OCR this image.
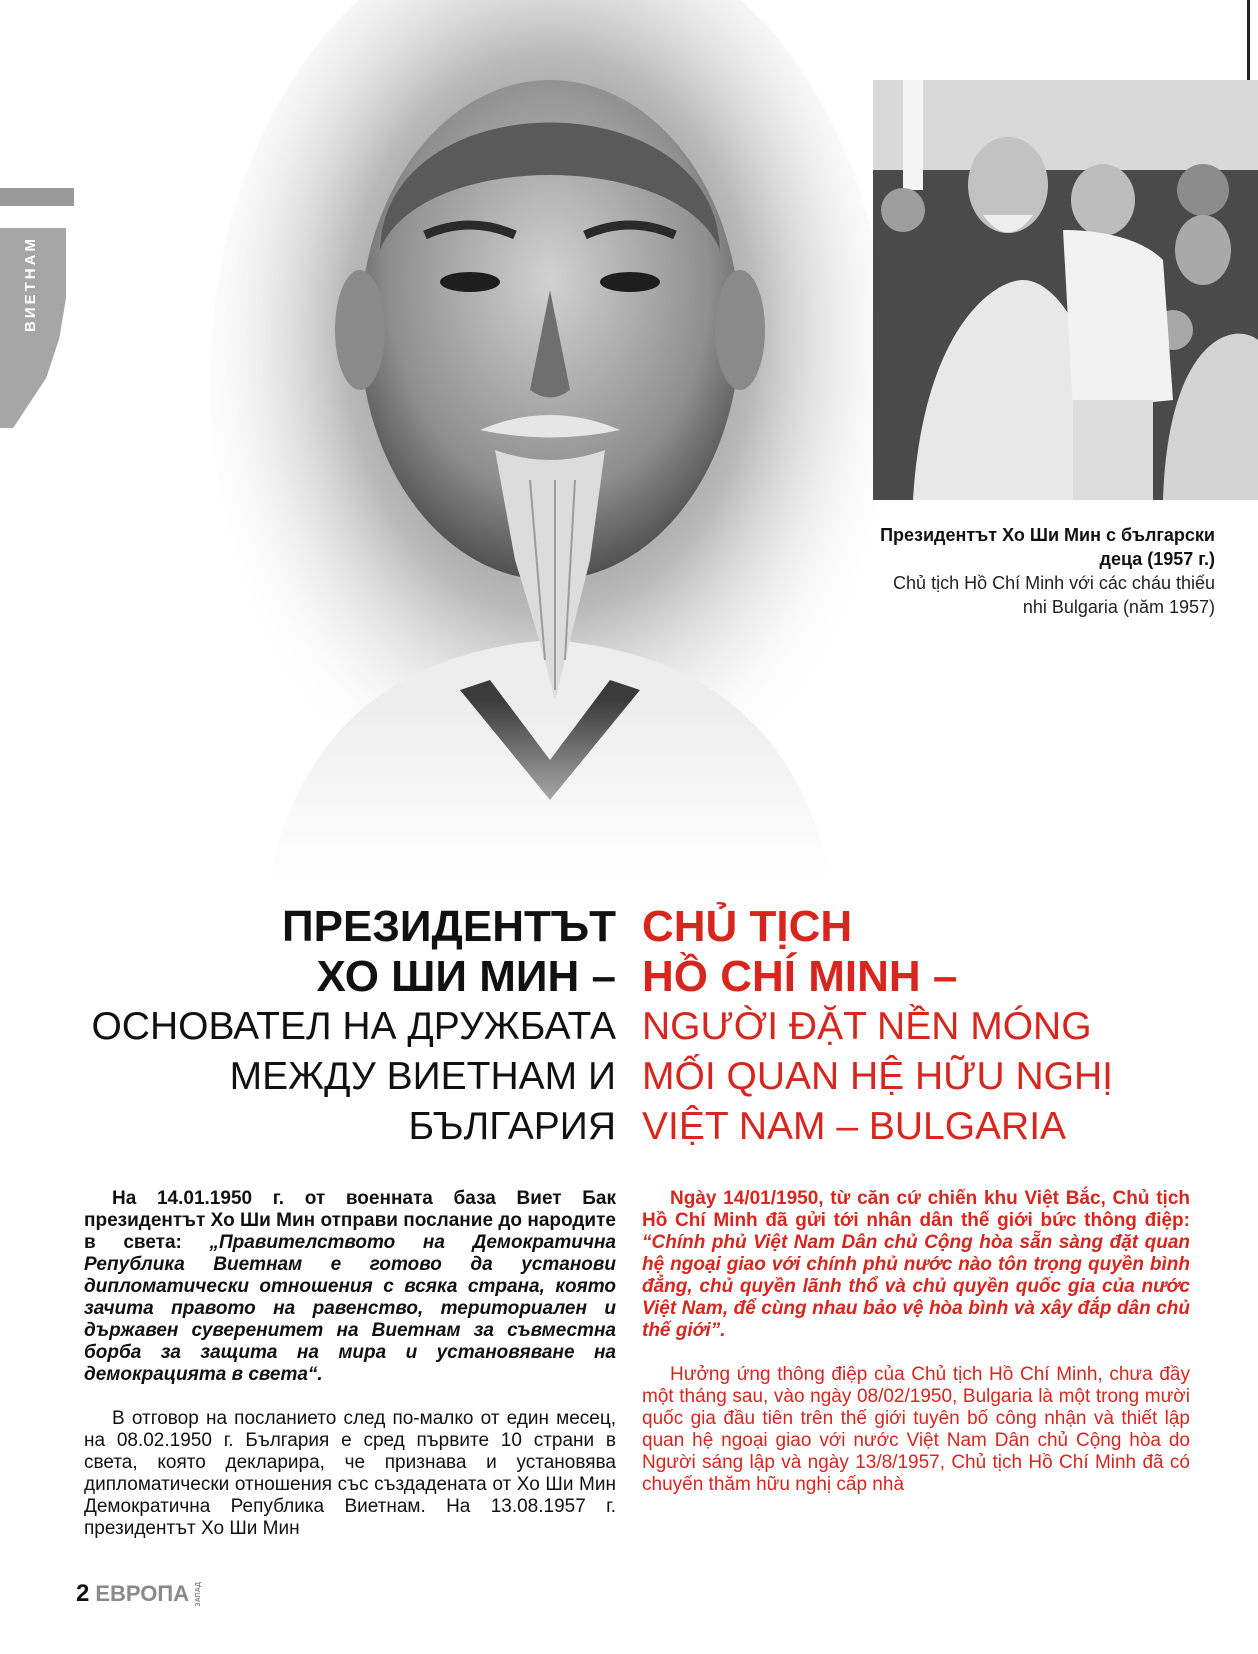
ВИЕТНАМ
Президентът Хо Ши Мин с български деца (1957 г.)
Chủ tịch Hồ Chí Minh với các cháu thiếu nhi Bulgaria (năm 1957)
ПРЕЗИДЕНТЪТ
ХО ШИ МИН –
ОСНОВАТЕЛ НА ДРУЖБАТА
МЕЖДУ ВИЕТНАМ И
БЪЛГАРИЯ
CHỦ TỊCH
HỒ CHÍ MINH –
NGƯỜI ĐẶT NỀN MÓNG
MỐI QUAN HỆ HỮU NGHỊ
VIỆT NAM – BULGARIA

На 14.01.1950 г. от военната база Виет Бак президентът Хо Ши Мин отправи послание до народите в света: „Правителството на Демократична Република Виетнам е готово да установи дипломатически отношения с всяка страна, която зачита правото на равенство, териториален и държавен суверенитет на Виетнам за съвместна борба за защита на мира и установяване на демокрацията в света“.

В отговор на посланието след по-малко от един месец, на 08.02.1950 г. България е сред първите 10 страни в света, която декларира, че признава и установява дипломатически отношения със създадената от Хо Ши Мин Демократична Република Виетнам. На 13.08.1957 г. президентът Хо Ши Мин

Ngày 14/01/1950, từ căn cứ chiến khu Việt Bắc, Chủ tịch Hồ Chí Minh đã gửi tới nhân dân thế giới bức thông điệp: “Chính phủ Việt Nam Dân chủ Cộng hòa sẵn sàng đặt quan hệ ngoại giao với chính phủ nước nào tôn trọng quyền bình đẳng, chủ quyền lãnh thổ và chủ quyền quốc gia của nước Việt Nam, để cùng nhau bảo vệ hòa bình và xây đắp dân chủ thế giới”.

Hưởng ứng thông điệp của Chủ tịch Hồ Chí Minh, chưa đầy một tháng sau, vào ngày 08/02/1950, Bulgaria là một trong mười quốc gia đầu tiên trên thế giới tuyên bố công nhận và thiết lập quan hệ ngoại giao với nước Việt Nam Dân chủ Cộng hòa do Người sáng lập và ngày 13/8/1957, Chủ tịch Hồ Chí Minh đã có chuyến thăm hữu nghị cấp nhà

2 ЕВРОПА ЗАПАД
